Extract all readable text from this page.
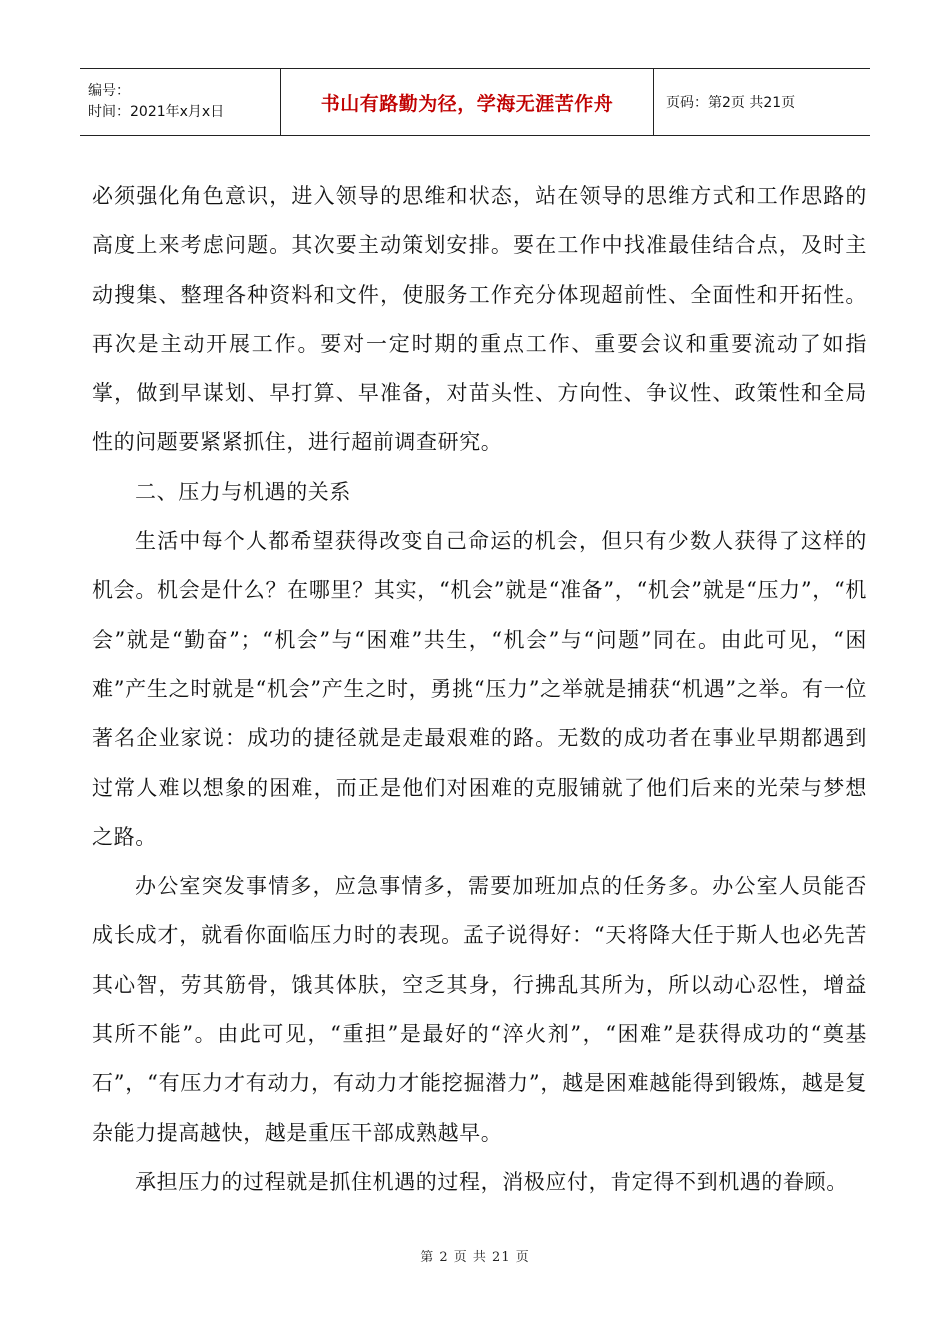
编号：
时间：2021年x月x日	书山有路勤为径，学海无涯苦作舟	页码：第2页 共21页

必须强化角色意识，进入领导的思维和状态，站在领导的思维方式和工作思路的高度上来考虑问题。其次要主动策划安排。要在工作中找准最佳结合点，及时主动搜集、整理各种资料和文件，使服务工作充分体现超前性、全面性和开拓性。再次是主动开展工作。要对一定时期的重点工作、重要会议和重要流动了如指掌，做到早谋划、早打算、早准备，对苗头性、方向性、争议性、政策性和全局性的问题要紧紧抓住，进行超前调查研究。

二、压力与机遇的关系

生活中每个人都希望获得改变自己命运的机会，但只有少数人获得了这样的机会。机会是什么？在哪里？其实，“机会”就是“准备”，“机会”就是“压力”，“机会”就是“勤奋”；“机会”与“困难”共生，“机会”与“问题”同在。由此可见，“困难”产生之时就是“机会”产生之时，勇挑“压力”之举就是捕获“机遇”之举。有一位著名企业家说：成功的捷径就是走最艰难的路。无数的成功者在事业早期都遇到过常人难以想象的困难，而正是他们对困难的克服铺就了他们后来的光荣与梦想之路。

办公室突发事情多，应急事情多，需要加班加点的任务多。办公室人员能否成长成才，就看你面临压力时的表现。孟子说得好：“天将降大任于斯人也必先苦其心智，劳其筋骨，饿其体肤，空乏其身，行拂乱其所为，所以动心忍性，增益其所不能”。由此可见，“重担”是最好的“淬火剂”，“困难”是获得成功的“奠基石”，“有压力才有动力，有动力才能挖掘潜力”，越是困难越能得到锻炼，越是复杂能力提高越快，越是重压干部成熟越早。

承担压力的过程就是抓住机遇的过程，消极应付，肯定得不到机遇的眷顾。

第 2 页 共 21 页
